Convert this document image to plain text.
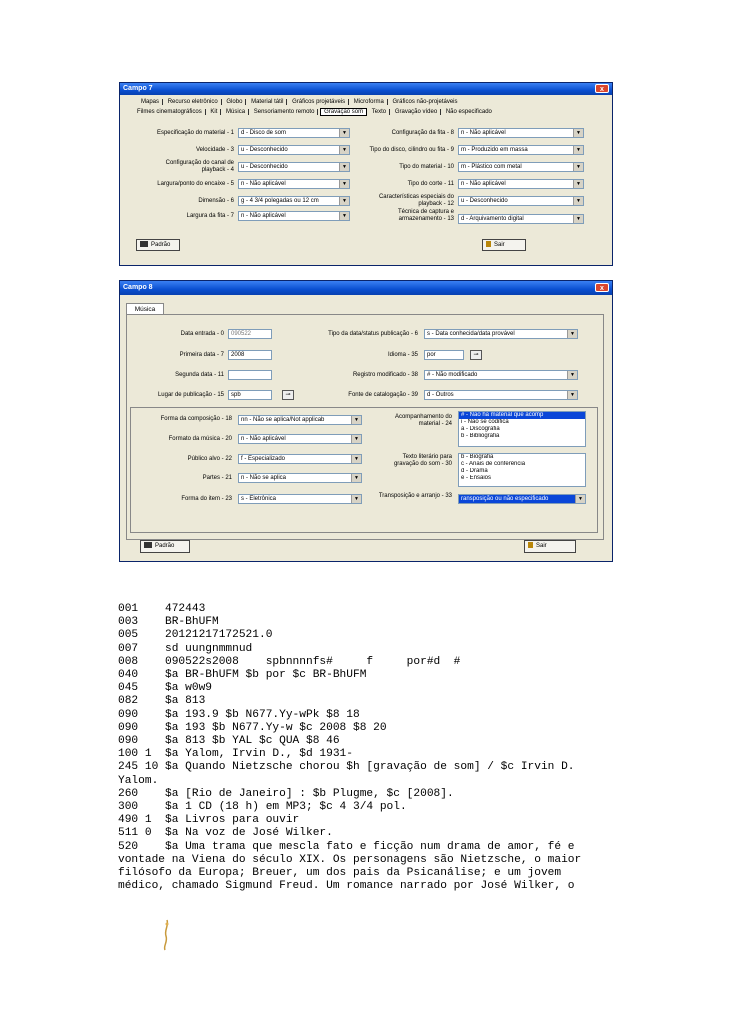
Campo 7	x
Mapas Recurso eletrônico Globo Material tátil Gráficos projetáveis Microforma Gráficos não-projetáveis
Filmes cinematográficos Kit Música Sensoriamento remoto Gravação som Texto Gravação vídeo Não especificado
Especificação do material - 1	d - Disco de som	▼
Velocidade - 3	u - Desconhecido	▼
Configuração do canal de playback - 4	u - Desconhecido	▼
Largura/ponto do encaixe - 5	n - Não aplicável	▼
Dimensão - 6	g - 4 3/4 polegadas ou 12 cm	▼
Largura da fita - 7	n - Não aplicável	▼
Configuração da fita - 8	n - Não aplicável	▼
Tipo do disco, cilindro ou fita - 9	m - Produzido em massa	▼
Tipo do material - 10	m - Plástico com metal	▼
Tipo do corte - 11	n - Não aplicável	▼
Características especiais do playback - 12	u - Desconhecido	▼
Técnica de captura e armazenamento - 13	d - Arquivamento digital	▼
Padrão	Sair
Campo 8	x
Música
Data entrada - 0	090522
Primeira data - 7	2008
Segunda data - 11
Lugar de publicação - 15	spb	⊸
Tipo da data/status publicação - 6	s - Data conhecida/data provável	▼
Idioma - 35	por	⊸
Registro modificado - 38	# - Não modificado	▼
Fonte de catalogação - 39	d - Outros	▼
Forma da composição - 18	nn - Não se aplica/Not applicab	▼
Formato da música - 20	n - Não aplicável	▼
Público alvo - 22	f - Especializado	▼
Partes - 21	n - Não se aplica	▼
Forma do item - 23	s - Eletrônica	▼
Acompanhamento do material - 24
# - Não há material que acomp
i - Não se codifica
a - Discografia
b - Bibliografia
Texto literário para gravação do som - 30
b - Biografia
c - Anais de conferência
d - Drama
e - Ensaios
Transposição e arranjo - 33	ransposição ou não especificado	▼
Padrão	Sair
001    472443
003    BR-BhUFM
005    20121217172521.0
007    sd uungnmmnud
008    090522s2008    spbnnnnfs#     f     por#d  #
040    $a BR-BhUFM $b por $c BR-BhUFM
045    $a w0w9
082    $a 813
090    $a 193.9 $b N677.Yy-wPk $8 18
090    $a 193 $b N677.Yy-w $c 2008 $8 20
090    $a 813 $b YAL $c QUA $8 46
100 1  $a Yalom, Irvin D., $d 1931-
245 10 $a Quando Nietzsche chorou $h [gravação de som] / $c Irvin D.
Yalom.
260    $a [Rio de Janeiro] : $b Plugme, $c [2008].
300    $a 1 CD (18 h) em MP3; $c 4 3/4 pol.
490 1  $a Livros para ouvir
511 0  $a Na voz de José Wilker.
520    $a Uma trama que mescla fato e ficção num drama de amor, fé e
vontade na Viena do século XIX. Os personagens são Nietzsche, o maior
filósofo da Europa; Breuer, um dos pais da Psicanálise; e um jovem
médico, chamado Sigmund Freud. Um romance narrado por José Wilker, o
